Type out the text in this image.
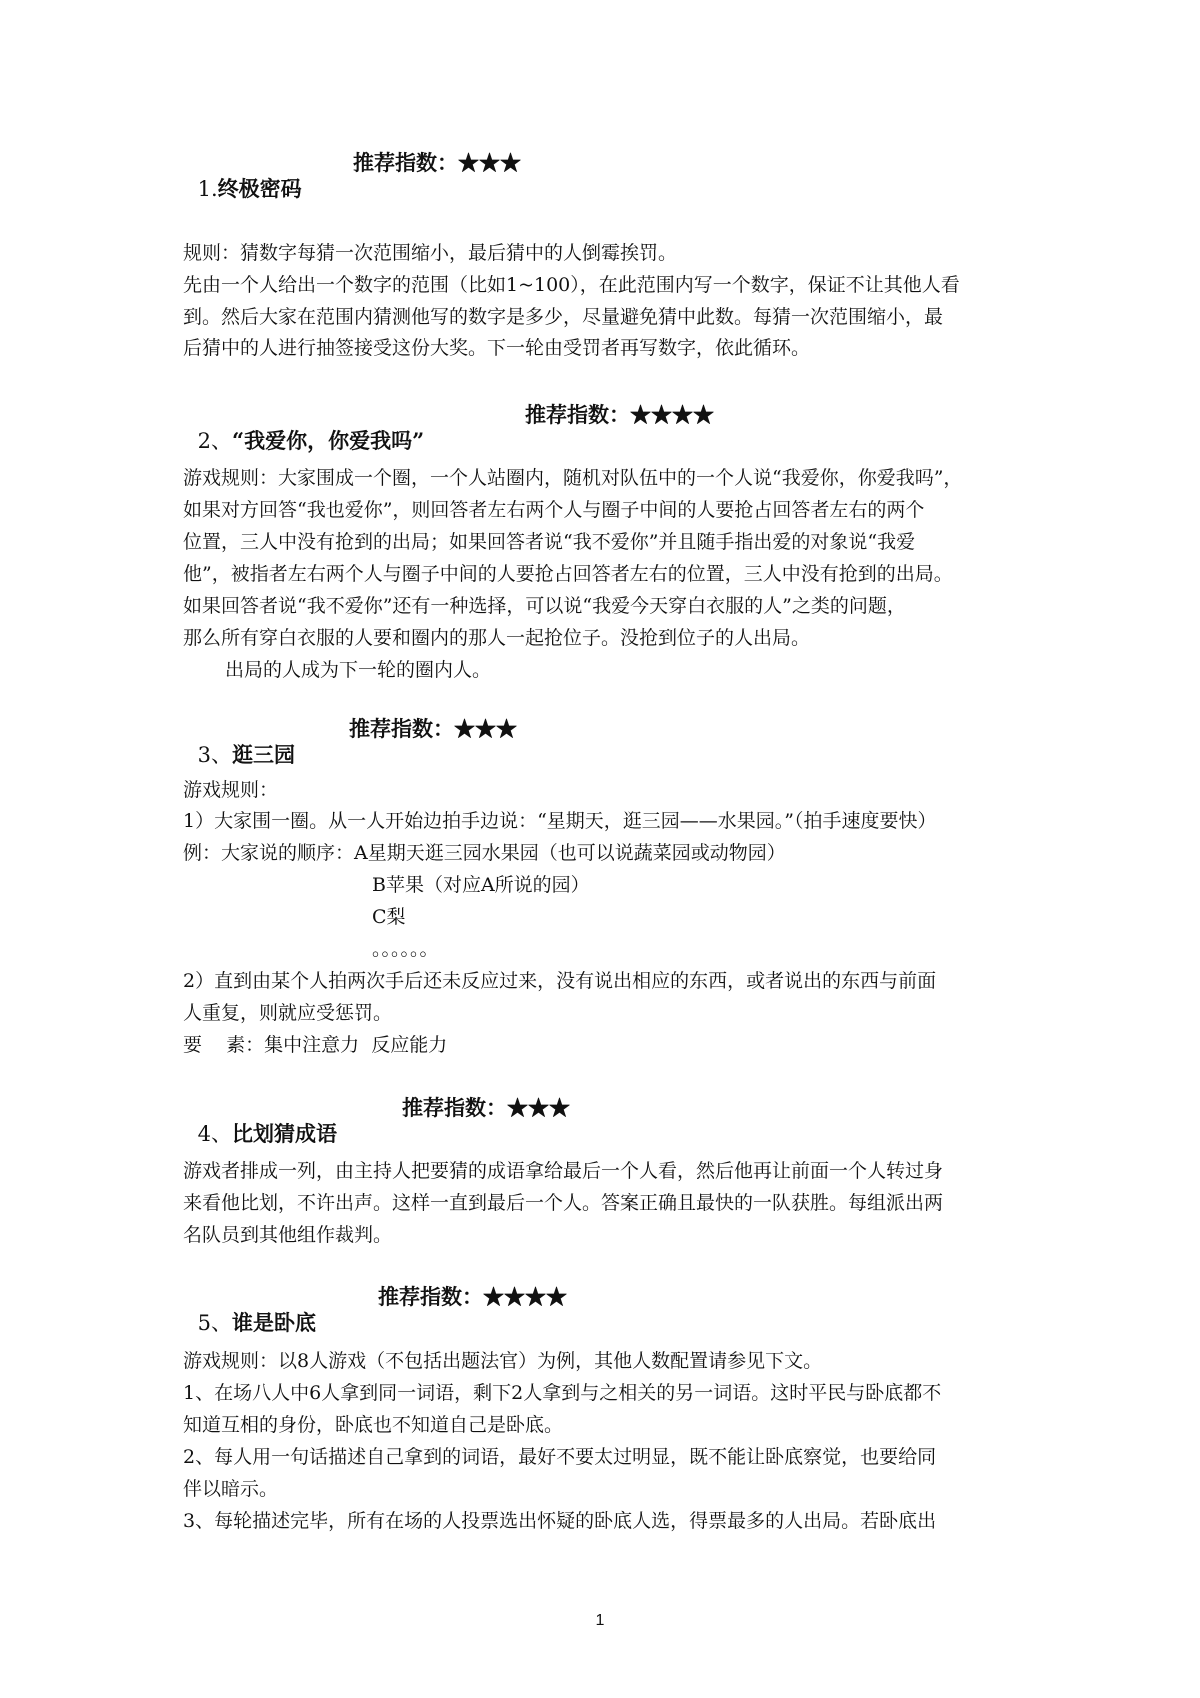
1.终极密码

推荐指数：★★★

规则：猜数字每猜一次范围缩小，最后猜中的人倒霉挨罚。
先由一个人给出一个数字的范围（比如1~100），在此范围内写一个数字，保证不让其他人看
到。然后大家在范围内猜测他写的数字是多少，尽量避免猜中此数。每猜一次范围缩小，最
后猜中的人进行抽签接受这份大奖。下一轮由受罚者再写数字，依此循环。

2、“我爱你，你爱我吗”

推荐指数：★★★★

游戏规则：大家围成一个圈，一个人站圈内，随机对队伍中的一个人说“我爱你，你爱我吗”，
如果对方回答“我也爱你”，则回答者左右两个人与圈子中间的人要抢占回答者左右的两个
位置，三人中没有抢到的出局；如果回答者说“我不爱你”并且随手指出爱的对象说“我爱
他”，被指者左右两个人与圈子中间的人要抢占回答者左右的位置，三人中没有抢到的出局。
如果回答者说“我不爱你”还有一种选择，可以说“我爱今天穿白衣服的人”之类的问题，
那么所有穿白衣服的人要和圈内的那人一起抢位子。没抢到位子的人出局。
出局的人成为下一轮的圈内人。

3、逛三园

推荐指数：★★★

游戏规则：
1）大家围一圈。从一人开始边拍手边说：“星期天，逛三园——水果园。”（拍手速度要快）
例：大家说的顺序：A星期天逛三园水果园（也可以说蔬菜园或动物园）
B苹果（对应A所说的园）
C梨
。。。。。。
2）直到由某个人拍两次手后还未反应过来，没有说出相应的东西，或者说出的东西与前面
人重复，则就应受惩罚。
要    素：集中注意力  反应能力

4、比划猜成语

推荐指数：★★★

游戏者排成一列，由主持人把要猜的成语拿给最后一个人看，然后他再让前面一个人转过身
来看他比划，不许出声。这样一直到最后一个人。答案正确且最快的一队获胜。每组派出两
名队员到其他组作裁判。

5、谁是卧底

推荐指数：★★★★

游戏规则：以8人游戏（不包括出题法官）为例，其他人数配置请参见下文。
1、在场八人中6人拿到同一词语，剩下2人拿到与之相关的另一词语。这时平民与卧底都不
知道互相的身份，卧底也不知道自己是卧底。
2、每人用一句话描述自己拿到的词语，最好不要太过明显，既不能让卧底察觉，也要给同
伴以暗示。
3、每轮描述完毕，所有在场的人投票选出怀疑的卧底人选，得票最多的人出局。若卧底出
1
